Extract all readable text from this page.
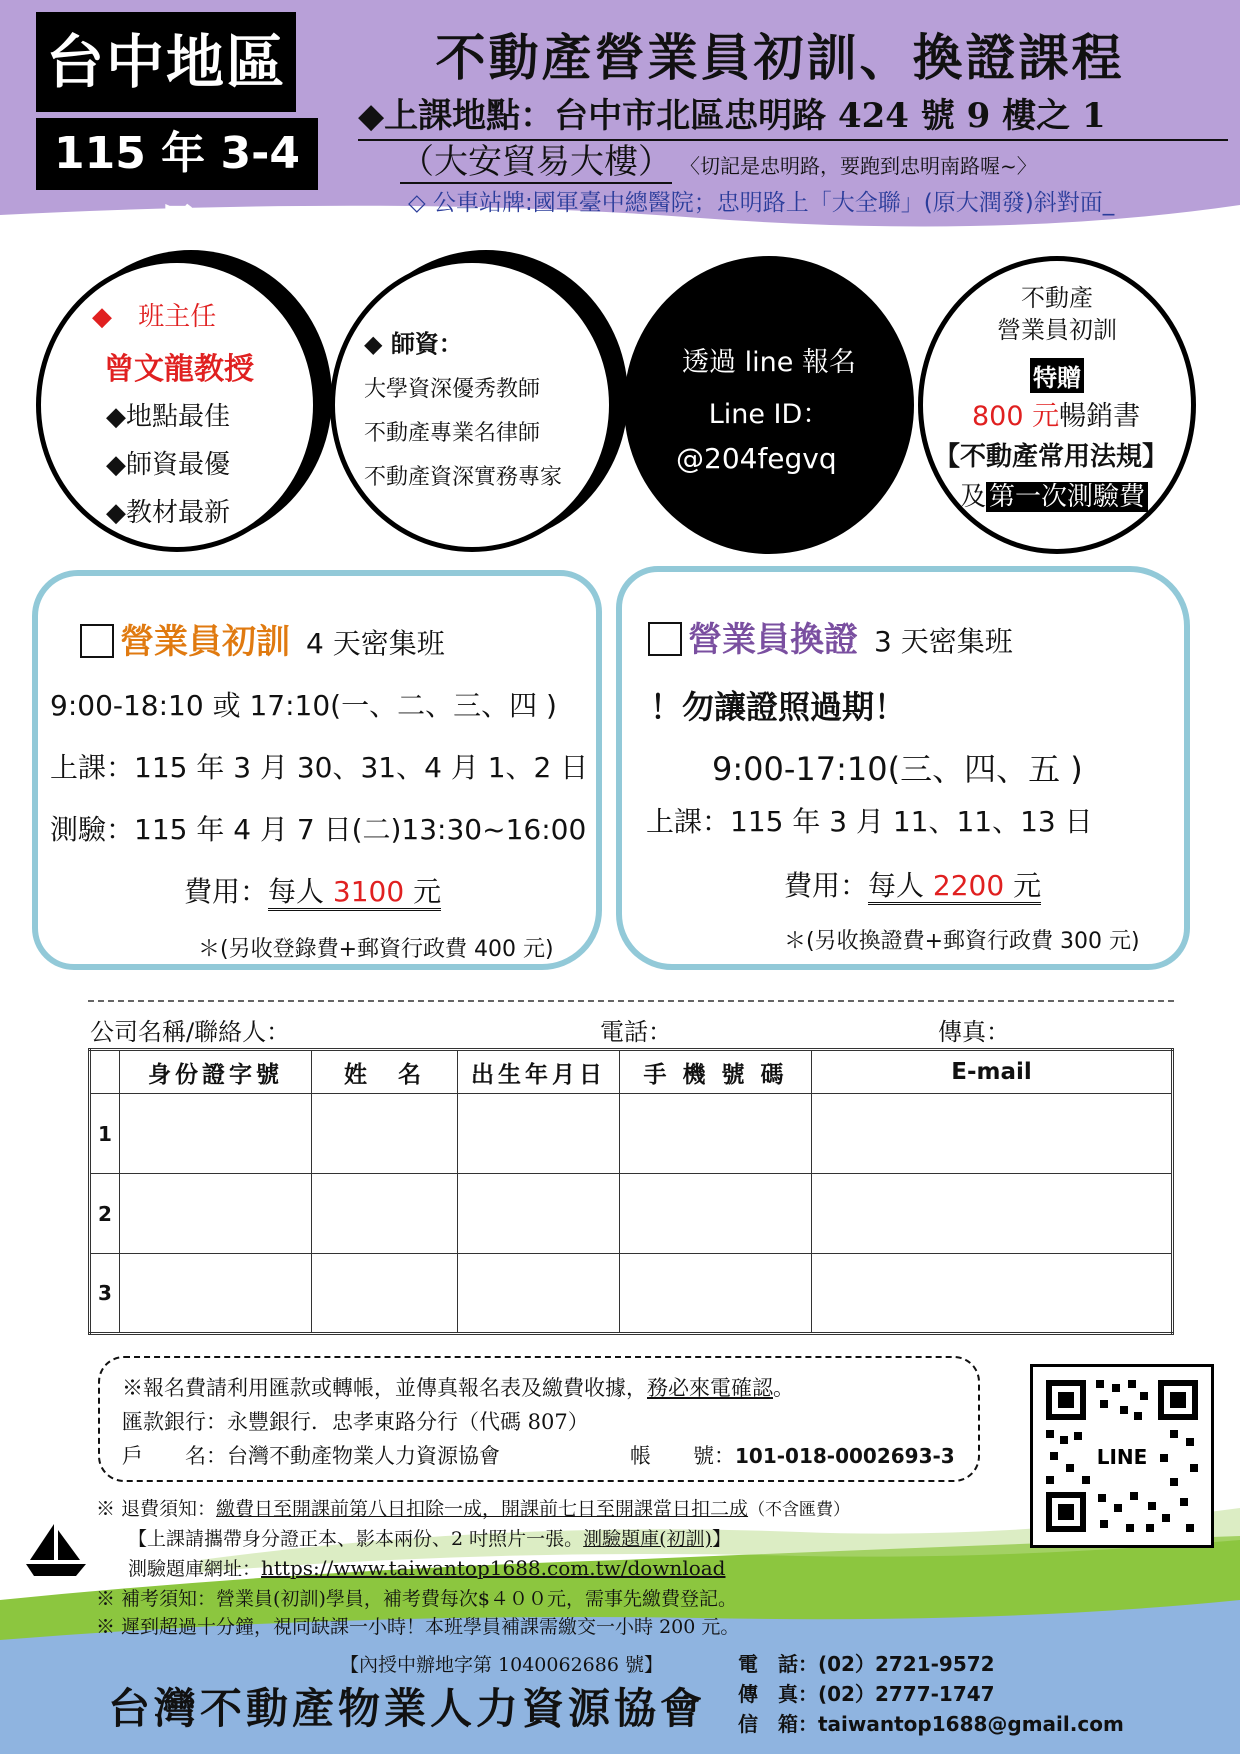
台中地區
115 年 3-4 月
不動產營業員初訓、換證課程
◆上課地點：台中市北區忠明路 424 號 9 樓之 1
（大安貿易大樓） 〈切記是忠明路，要跑到忠明南路喔~〉
◇ 公車站牌:國軍臺中總醫院；忠明路上「大全聯」(原大潤發)斜對面_
◆ 班主任
曾文龍教授
◆地點最佳
◆師資最優
◆教材最新
◆ 師資：
大學資深優秀教師
不動產專業名律師
不動產資深實務專家
透過 line 報名
Line ID：
@204fegvq
不動產
營業員初訓
特贈
800 元暢銷書
【不動產常用法規】
及 第一次測驗費
營業員初訓 4 天密集班
9:00-18:10 或 17:10(一、二、三、四 )
上課：115 年 3 月 30、31、4 月 1、2 日
測驗：115 年 4 月 7 日(二)13:30~16:00
費用：每人 3100 元
＊(另收登錄費+郵資行政費 400 元)
營業員換證 3 天密集班
！勿讓證照過期！
9:00-17:10(三、四、五 )
上課：115 年 3 月 11、11、13 日
費用：每人 2200 元
＊(另收換證費+郵資行政費 300 元)
公司名稱/聯絡人：	電話：	傳真：
	身份證字號	姓　名	出生年月日	手 機 號 碼	E-mail
1					
2					
3					
※報名費請利用匯款或轉帳，並傳真報名表及繳費收據，務必來電確認。
匯款銀行：永豐銀行．忠孝東路分行（代碼 807）
戶　　名：台灣不動產物業人力資源協會	帳　　號：101-018-0002693-3	LINE
※ 退費須知：繳費日至開課前第八日扣除一成，開課前七日至開課當日扣二成（不含匯費）
【上課請攜帶身分證正本、影本兩份、2 吋照片一張。測驗題庫(初訓)】
測驗題庫網址：https://www.taiwantop1688.com.tw/download
※ 補考須知：營業員(初訓)學員，補考費每次$４００元，需事先繳費登記。
※ 遲到超過十分鐘，視同缺課一小時！本班學員補課需繳交一小時 200 元。
【內授中辦地字第 1040062686 號】
台灣不動產物業人力資源協會
電　話：(02）2721-9572
傳　真：(02）2777-1747
信　箱：taiwantop1688@gmail.com
